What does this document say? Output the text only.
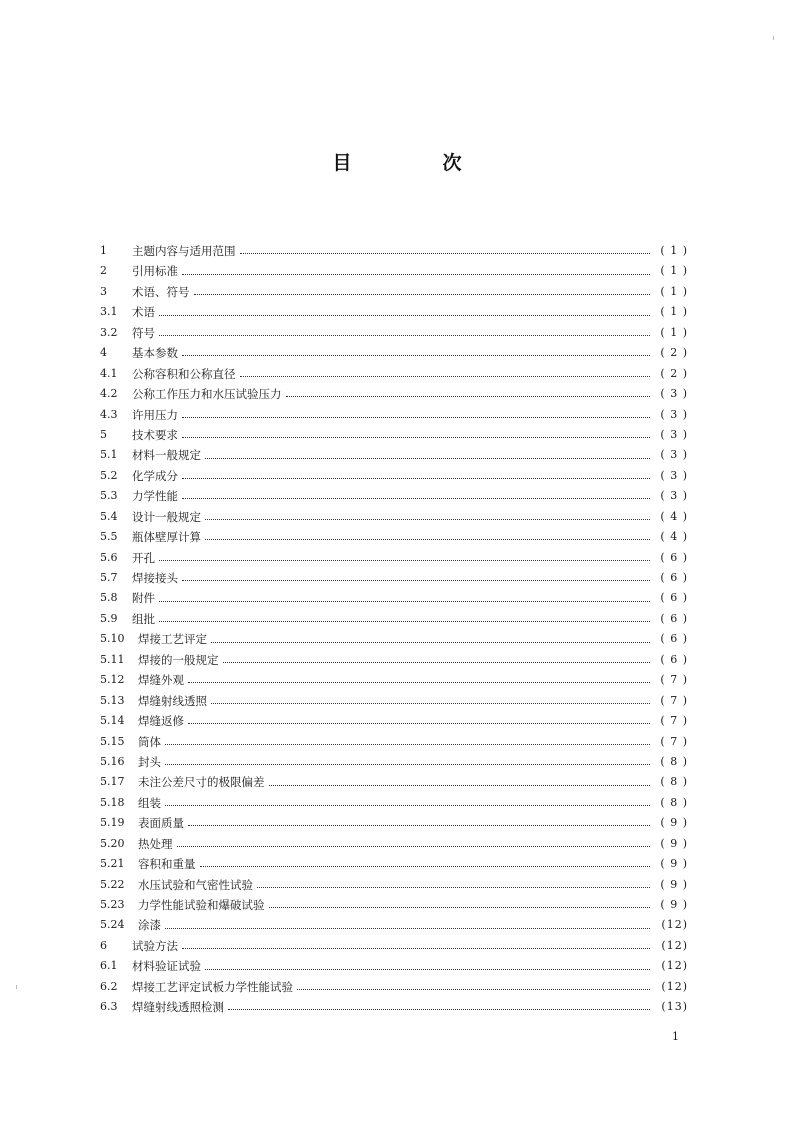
目　次
1	主题内容与适用范围	( 1 )
2	引用标准	( 1 )
3	术语、符号	( 1 )
3.1	术语	( 1 )
3.2	符号	( 1 )
4	基本参数	( 2 )
4.1	公称容积和公称直径	( 2 )
4.2	公称工作压力和水压试验压力	( 3 )
4.3	许用压力	( 3 )
5	技术要求	( 3 )
5.1	材料一般规定	( 3 )
5.2	化学成分	( 3 )
5.3	力学性能	( 3 )
5.4	设计一般规定	( 4 )
5.5	瓶体壁厚计算	( 4 )
5.6	开孔	( 6 )
5.7	焊接接头	( 6 )
5.8	附件	( 6 )
5.9	组批	( 6 )
5.10	焊接工艺评定	( 6 )
5.11	焊接的一般规定	( 6 )
5.12	焊缝外观	( 7 )
5.13	焊缝射线透照	( 7 )
5.14	焊缝返修	( 7 )
5.15	筒体	( 7 )
5.16	封头	( 8 )
5.17	未注公差尺寸的极限偏差	( 8 )
5.18	组装	( 8 )
5.19	表面质量	( 9 )
5.20	热处理	( 9 )
5.21	容积和重量	( 9 )
5.22	水压试验和气密性试验	( 9 )
5.23	力学性能试验和爆破试验	( 9 )
5.24	涂漆	(12)
6	试验方法	(12)
6.1	材料验证试验	(12)
6.2	焊接工艺评定试板力学性能试验	(12)
6.3	焊缝射线透照检测	(13)
1
